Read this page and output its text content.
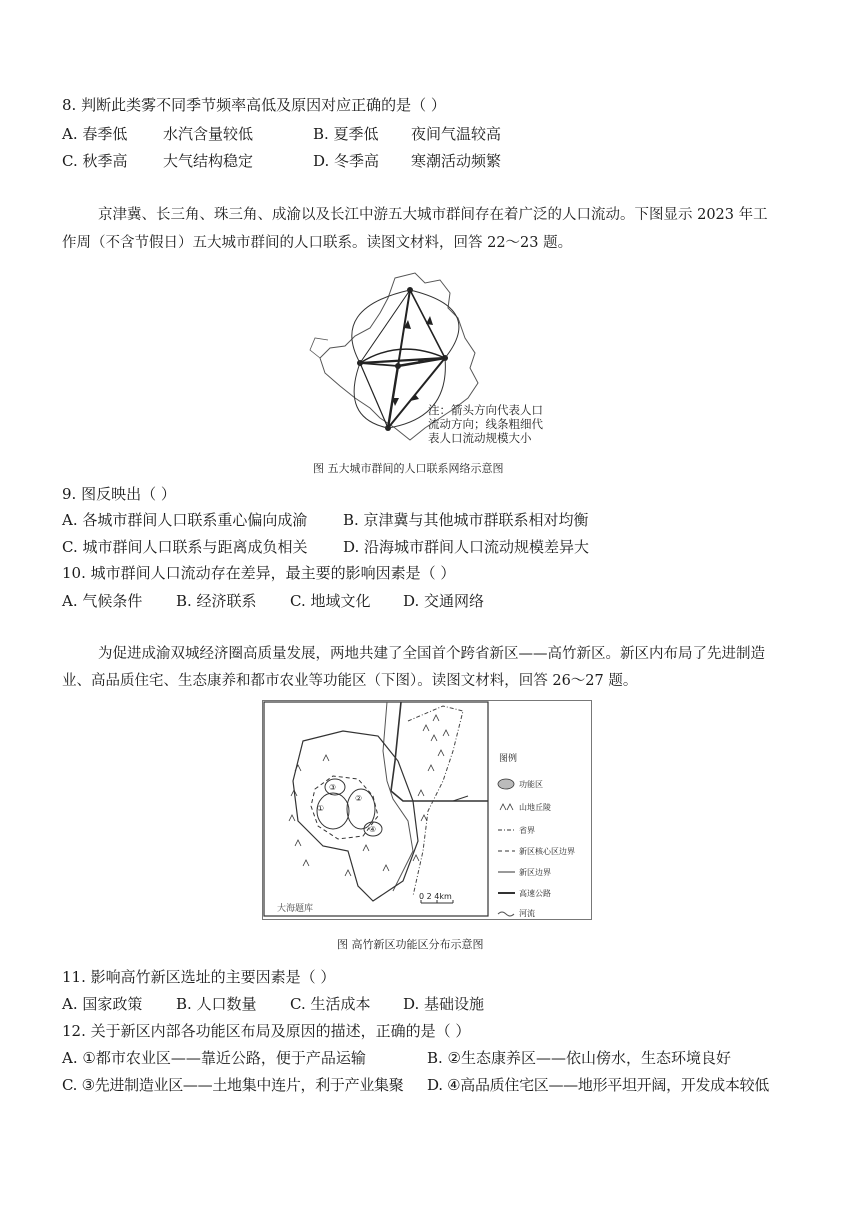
8. 判断此类雾不同季节频率高低及原因对应正确的是（ ）
A. 春季低 水汽含量较低	B. 夏季低 夜间气温较高
C. 秋季高 大气结构稳定	D. 冬季高 寒潮活动频繁
京津冀、长三角、珠三角、成渝以及长江中游五大城市群间存在着广泛的人口流动。下图显示 2023 年工
作周（不含节假日）五大城市群间的人口联系。读图文材料，回答 22～23 题。
注：箭头方向代表人口
流动方向；线条粗细代
表人口流动规模大小
图 五大城市群间的人口联系网络示意图
9. 图反映出（ ）
A. 各城市群间人口联系重心偏向成渝 B. 京津冀与其他城市群联系相对均衡
C. 城市群间人口联系与距离成负相关 D. 沿海城市群间人口流动规模差异大
10. 城市群间人口流动存在差异，最主要的影响因素是（ ）
A. 气候条件 B. 经济联系 C. 地域文化 D. 交通网络
为促进成渝双城经济圈高质量发展，两地共建了全国首个跨省新区——高竹新区。新区内布局了先进制造
业、高品质住宅、生态康养和都市农业等功能区（下图）。读图文材料，回答 26～27 题。
①
②
③
④
0 2 4km
大海题库
图例
功能区
山地丘陵
省界
新区核心区边界
新区边界
高速公路
河流
图 高竹新区功能区分布示意图
11. 影响高竹新区选址的主要因素是（ ）
A. 国家政策 B. 人口数量 C. 生活成本 D. 基础设施
12. 关于新区内部各功能区布局及原因的描述，正确的是（ ）
A. ①都市农业区——靠近公路，便于产品运输	B. ②生态康养区——依山傍水，生态环境良好
C. ③先进制造业区——土地集中连片，利于产业集聚 D. ④高品质住宅区——地形平坦开阔，开发成本较低
